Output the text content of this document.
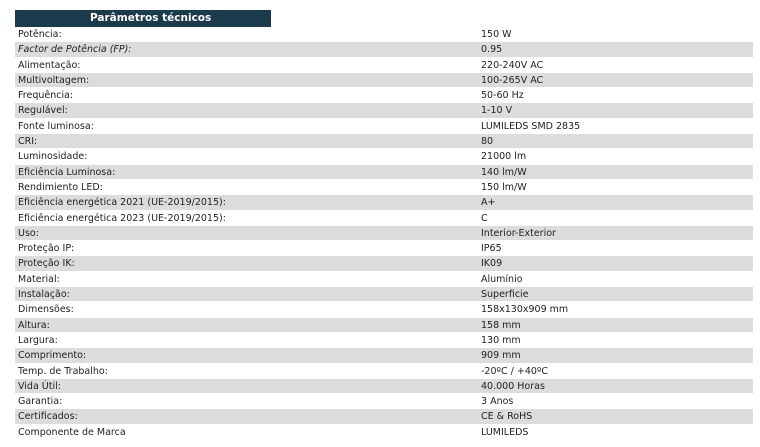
Parâmetros técnicos
Potência:	150 W
Factor de Potência (FP):	0.95
Alimentação:	220-240V AC
Multivoltagem:	100-265V AC
Frequência:	50-60 Hz
Regulável:	1-10 V
Fonte luminosa:	LUMILEDS SMD 2835
CRI:	80
Luminosidade:	21000 lm
Eficiência Luminosa:	140 lm/W
Rendimiento LED:	150 lm/W
Eficiência energética 2021 (UE-2019/2015):	A+
Eficiência energética 2023 (UE-2019/2015):	C
Uso:	Interior-Exterior
Proteção IP:	IP65
Proteção IK:	IK09
Material:	Alumínio
Instalação:	Superficie
Dimensões:	158x130x909 mm
Altura:	158 mm
Largura:	130 mm
Comprimento:	909 mm
Temp. de Trabalho:	-20ºC / +40ºC
Vida Útil:	40.000 Horas
Garantia:	3 Anos
Certificados:	CE & RoHS
Componente de Marca	LUMILEDS
